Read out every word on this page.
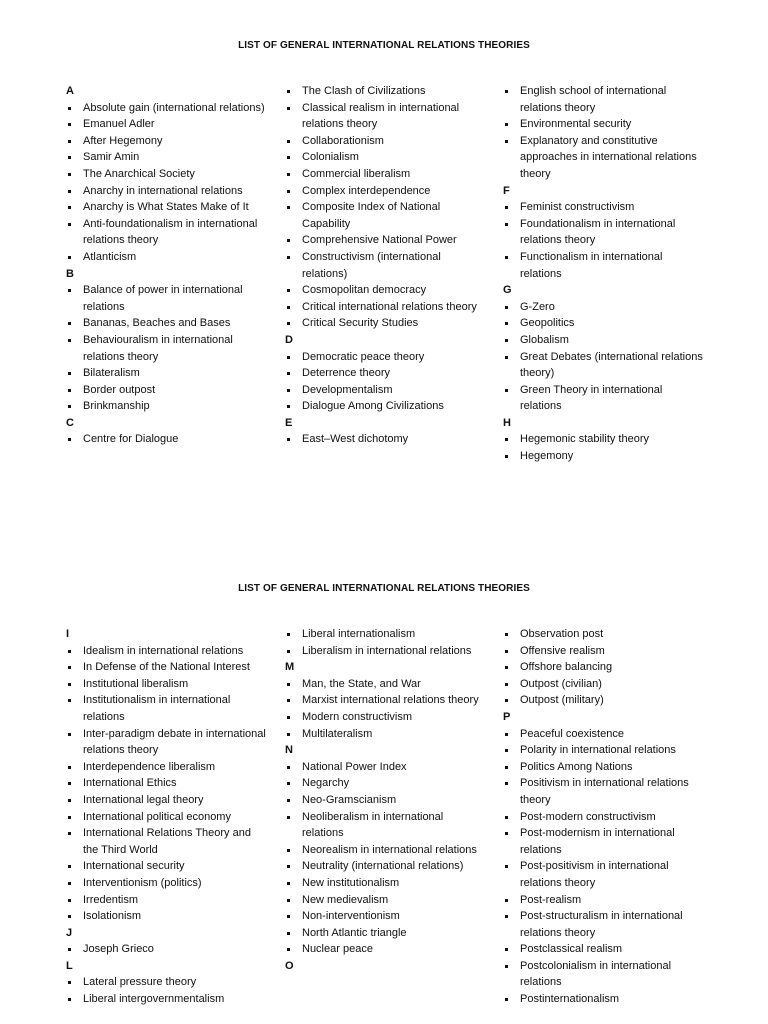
LIST OF GENERAL INTERNATIONAL RELATIONS THEORIES
A
Absolute gain (international relations)
Emanuel Adler
After Hegemony
Samir Amin
The Anarchical Society
Anarchy in international relations
Anarchy is What States Make of It
Anti-foundationalism in international relations theory
Atlanticism
B
Balance of power in international relations
Bananas, Beaches and Bases
Behaviouralism in international relations theory
Bilateralism
Border outpost
Brinkmanship
C
Centre for Dialogue
The Clash of Civilizations
Classical realism in international relations theory
Collaborationism
Colonialism
Commercial liberalism
Complex interdependence
Composite Index of National Capability
Comprehensive National Power
Constructivism (international relations)
Cosmopolitan democracy
Critical international relations theory
Critical Security Studies
D
Democratic peace theory
Deterrence theory
Developmentalism
Dialogue Among Civilizations
E
East–West dichotomy
English school of international relations theory
Environmental security
Explanatory and constitutive approaches in international relations theory
F
Feminist constructivism
Foundationalism in international relations theory
Functionalism in international relations
G
G-Zero
Geopolitics
Globalism
Great Debates (international relations theory)
Green Theory in international relations
H
Hegemonic stability theory
Hegemony
LIST OF GENERAL INTERNATIONAL RELATIONS THEORIES
I
Idealism in international relations
In Defense of the National Interest
Institutional liberalism
Institutionalism in international relations
Inter-paradigm debate in international relations theory
Interdependence liberalism
International Ethics
International legal theory
International political economy
International Relations Theory and the Third World
International security
Interventionism (politics)
Irredentism
Isolationism
J
Joseph Grieco
L
Lateral pressure theory
Liberal intergovernmentalism
Liberal internationalism
Liberalism in international relations
M
Man, the State, and War
Marxist international relations theory
Modern constructivism
Multilateralism
N
National Power Index
Negarchy
Neo-Gramscianism
Neoliberalism in international relations
Neorealism in international relations
Neutrality (international relations)
New institutionalism
New medievalism
Non-interventionism
North Atlantic triangle
Nuclear peace
O
Observation post
Offensive realism
Offshore balancing
Outpost (civilian)
Outpost (military)
P
Peaceful coexistence
Polarity in international relations
Politics Among Nations
Positivism in international relations theory
Post-modern constructivism
Post-modernism in international relations
Post-positivism in international relations theory
Post-realism
Post-structuralism in international relations theory
Postclassical realism
Postcolonialism in international relations
Postinternationalism
